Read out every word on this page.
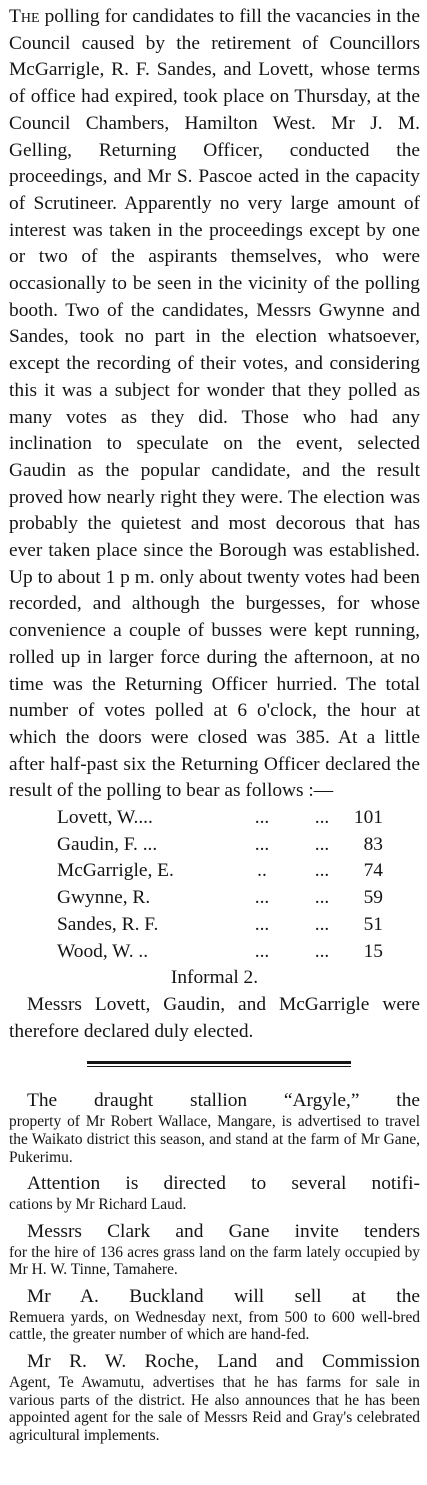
The polling for candidates to fill the vacancies in the Council caused by the retirement of Councillors McGarrigle, R. F. Sandes, and Lovett, whose terms of office had expired, took place on Thursday, at the Council Chambers, Hamilton West. Mr J. M. Gelling, Returning Officer, conducted the proceedings, and Mr S. Pascoe acted in the capacity of Scrutineer. Apparently no very large amount of interest was taken in the proceedings except by one or two of the aspirants themselves, who were occasionally to be seen in the vicinity of the polling booth. Two of the candidates, Messrs Gwynne and Sandes, took no part in the election whatsoever, except the recording of their votes, and considering this it was a subject for wonder that they polled as many votes as they did. Those who had any inclination to speculate on the event, selected Gaudin as the popular candidate, and the result proved how nearly right they were. The election was probably the quietest and most decorous that has ever taken place since the Borough was established. Up to about 1 p m. only about twenty votes had been recorded, and although the burgesses, for whose convenience a couple of busses were kept running, rolled up in larger force during the afternoon, at no time was the Returning Officer hurried. The total number of votes polled at 6 o'clock, the hour at which the doors were closed was 385. At a little after half-past six the Returning Officer declared the result of the polling to bear as follows :—

Lovett, W....	...	...	101
Gaudin, F. ...	...	...	83
McGarrigle, E.	..	...	74
Gwynne, R.	...	...	59
Sandes, R. F.	...	...	51
Wood, W. ..	...	...	15

Informal 2.

Messrs Lovett, Gaudin, and McGarrigle were therefore declared duly elected.

The draught stallion “Argyle,” the
property of Mr Robert Wallace, Mangare, is advertised to travel the Waikato district this season, and stand at the farm of Mr Gane, Pukerimu.

Attention is directed to several notifi-
cations by Mr Richard Laud.

Messrs Clark and Gane invite tenders
for the hire of 136 acres grass land on the farm lately occupied by Mr H. W. Tinne, Tamahere.

Mr A. Buckland will sell at the
Remuera yards, on Wednesday next, from 500 to 600 well-bred cattle, the greater number of which are hand-fed.

Mr R. W. Roche, Land and Commission
Agent, Te Awamutu, advertises that he has farms for sale in various parts of the district. He also announces that he has been appointed agent for the sale of Messrs Reid and Gray's celebrated agricultural implements.
